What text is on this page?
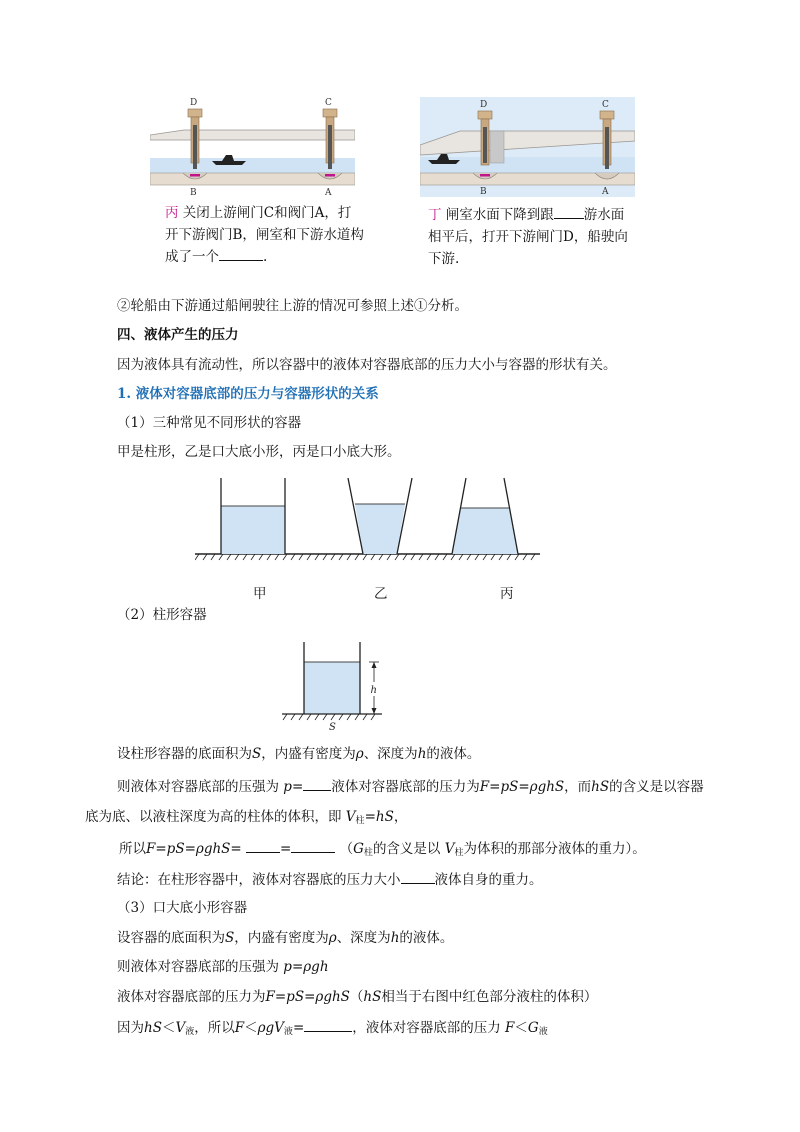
D	C
B	A
丙 关闭上游闸门C和阀门A，打
开下游阀门B，闸室和下游水道构
成了一个	.
D	C
B	A
丁 闸室水面下降到跟 游水面
相平后，打开下游闸门D，船驶向
下游.
②轮船由下游通过船闸驶往上游的情况可参照上述①分析。
四、液体产生的压力
因为液体具有流动性，所以容器中的液体对容器底部的压力大小与容器的形状有关。
1. 液体对容器底部的压力与容器形状的关系
（1）三种常见不同形状的容器
甲是柱形，乙是口大底小形，丙是口小底大形。
甲	乙	丙
（2）柱形容器
h
S
设柱形容器的底面积为S，内盛有密度为ρ、深度为h的液体。
则液体对容器底部的压强为 p= 液体对容器底部的压力为F=pS=ρghS，而hS的含义是以容器
底为底、以液柱深度为高的柱体的体积，即 $V_柱=hS$，
所以F=pS=ρghS=	=	（$G_柱$的含义是以 $V_柱$为体积的那部分液体的重力）。
结论：在柱形容器中，液体对容器底的压力大小	液体自身的重力。
（3）口大底小形容器
设容器的底面积为S，内盛有密度为ρ、深度为h的液体。
则液体对容器底部的压强为 p=ρgh
液体对容器底部的压力为F=pS=ρghS（hS相当于右图中红色部分液柱的体积）
因为$hS<V_液$，所以F＜ρgV$_液$=	，液体对容器底部的压力 $F<G_液$
